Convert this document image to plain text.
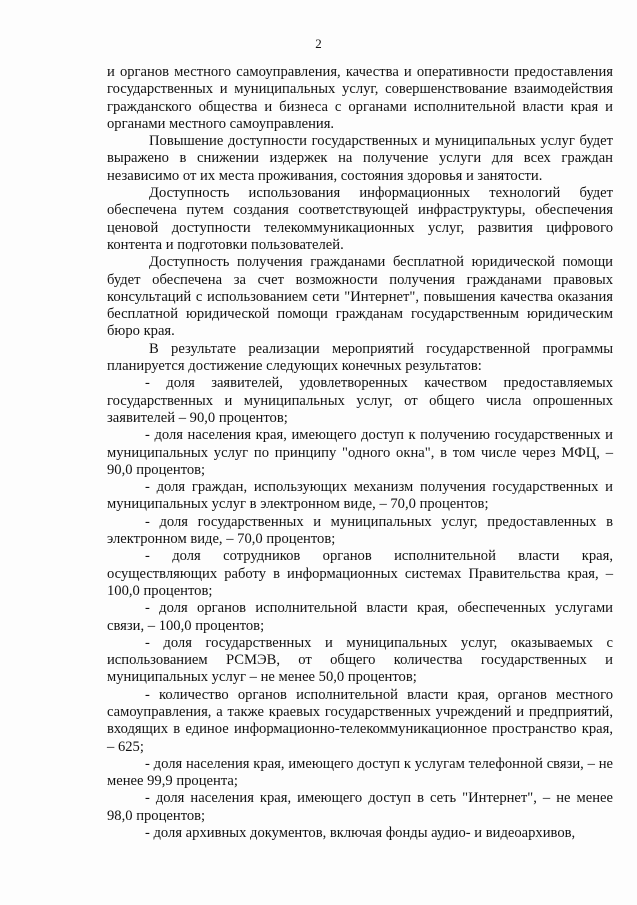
2

и органов местного самоуправления, качества и оперативности предоставления государственных и муниципальных услуг, совершенствование взаимодействия гражданского общества и бизнеса с органами исполнительной власти края и органами местного самоуправления.

Повышение доступности государственных и муниципальных услуг будет выражено в снижении издержек на получение услуги для всех граждан независимо от их места проживания, состояния здоровья и занятости.

Доступность использования информационных технологий будет обеспечена путем создания соответствующей инфраструктуры, обеспечения ценовой доступности телекоммуникационных услуг, развития цифрового контента и подготовки пользователей.

Доступность получения гражданами бесплатной юридической помощи будет обеспечена за счет возможности получения гражданами правовых консультаций с использованием сети "Интернет", повышения качества оказания бесплатной юридической помощи гражданам государственным юридическим бюро края.

В результате реализации мероприятий государственной программы планируется достижение следующих конечных результатов:

- доля заявителей, удовлетворенных качеством предоставляемых государственных и муниципальных услуг, от общего числа опрошенных заявителей – 90,0 процентов;

- доля населения края, имеющего доступ к получению государственных и муниципальных услуг по принципу "одного окна", в том числе через МФЦ, – 90,0 процентов;

- доля граждан, использующих механизм получения государственных и муниципальных услуг в электронном виде, – 70,0 процентов;

- доля государственных и муниципальных услуг, предоставленных в электронном виде, – 70,0 процентов;

- доля сотрудников органов исполнительной власти края, осуществляющих работу в информационных системах Правительства края, – 100,0 процентов;

- доля органов исполнительной власти края, обеспеченных услугами связи, – 100,0 процентов;

- доля государственных и муниципальных услуг, оказываемых с использованием РСМЭВ, от общего количества государственных и муниципальных услуг – не менее 50,0 процентов;

- количество органов исполнительной власти края, органов местного самоуправления, а также краевых государственных учреждений и предприятий, входящих в единое информационно-телекоммуникационное пространство края, – 625;

- доля населения края, имеющего доступ к услугам телефонной связи, – не менее 99,9 процента;

- доля населения края, имеющего доступ в сеть "Интернет", – не менее 98,0 процентов;

- доля архивных документов, включая фонды аудио- и видеоархивов,
